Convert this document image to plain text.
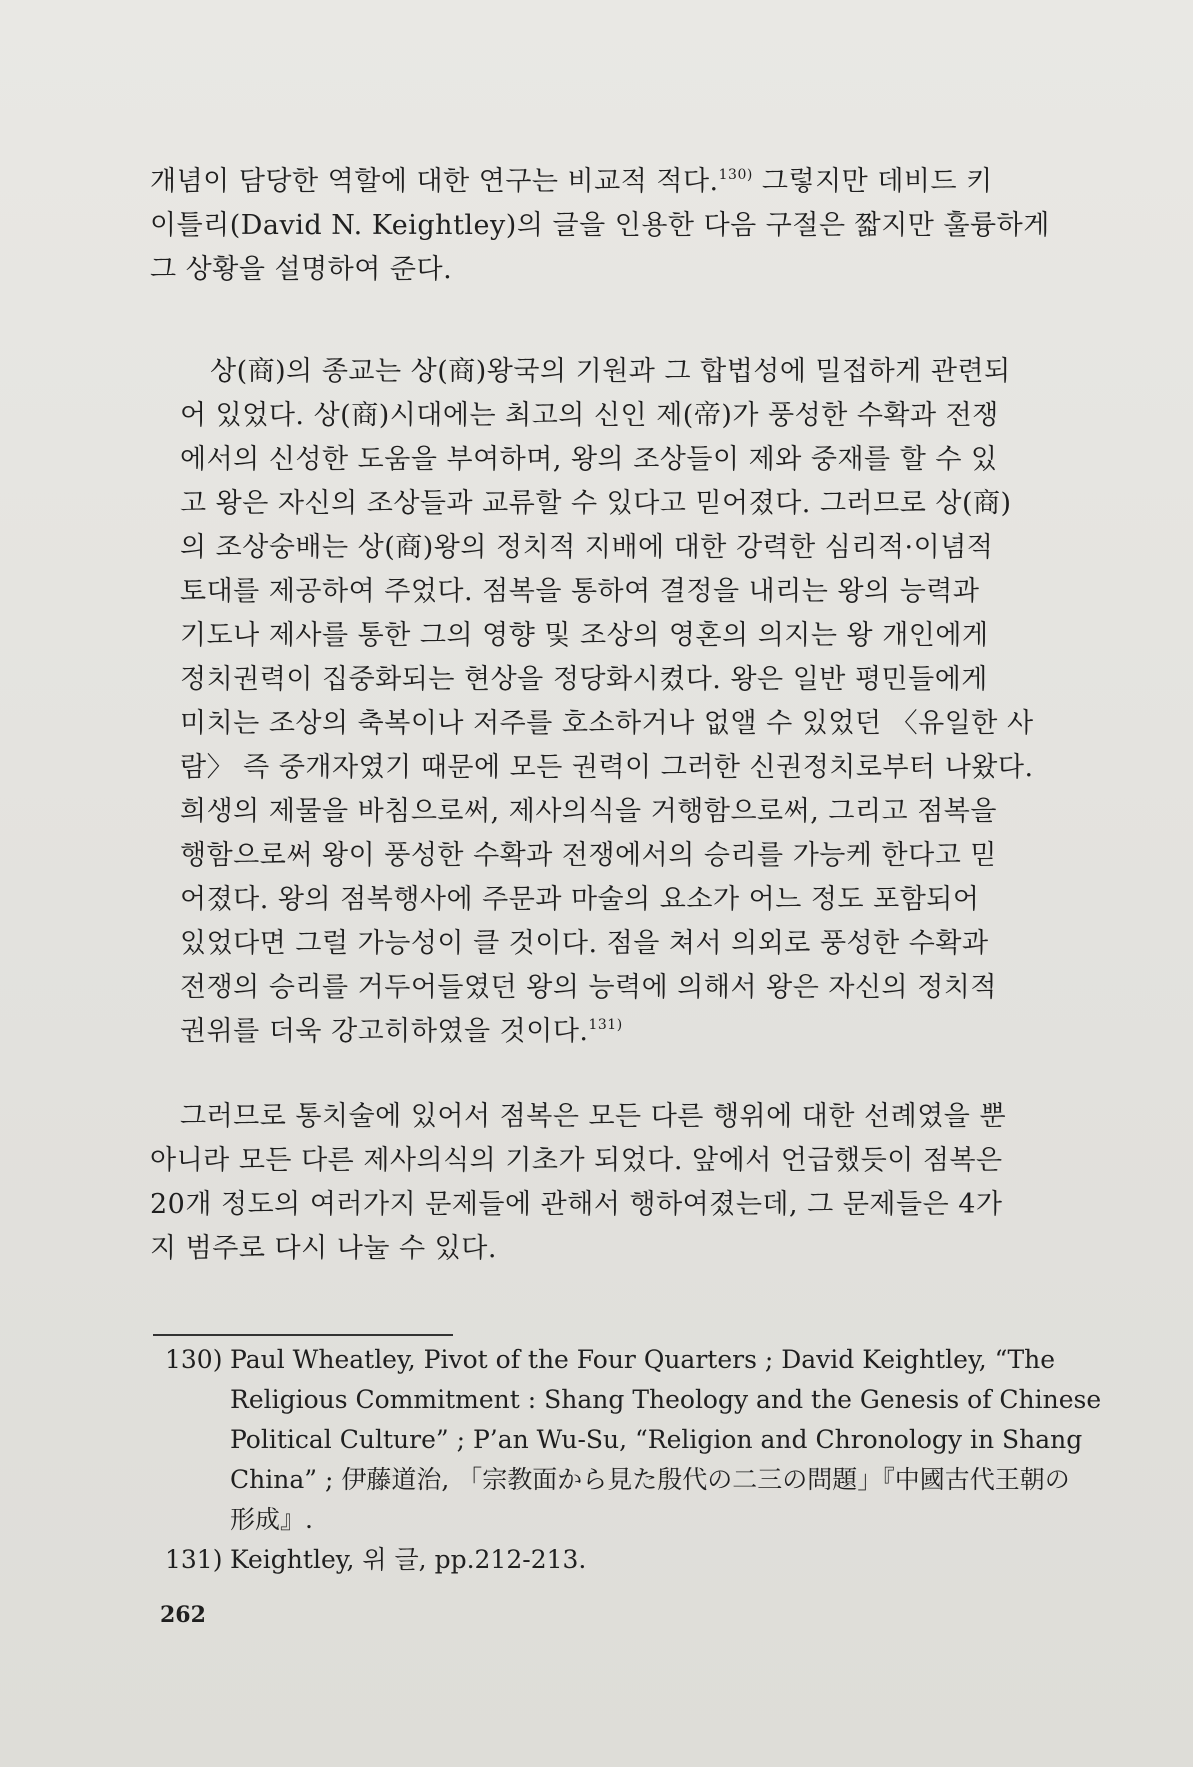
개념이 담당한 역할에 대한 연구는 비교적 적다.$^{130)}$ 그렇지만 데비드 키
이틀리(David N. Keightley)의 글을 인용한 다음 구절은 짧지만 훌륭하게
그 상황을 설명하여 준다.
상(商)의 종교는 상(商)왕국의 기원과 그 합법성에 밀접하게 관련되
어 있었다. 상(商)시대에는 최고의 신인 제(帝)가 풍성한 수확과 전쟁
에서의 신성한 도움을 부여하며, 왕의 조상들이 제와 중재를 할 수 있
고 왕은 자신의 조상들과 교류할 수 있다고 믿어졌다. 그러므로 상(商)
의 조상숭배는 상(商)왕의 정치적 지배에 대한 강력한 심리적·이념적
토대를 제공하여 주었다. 점복을 통하여 결정을 내리는 왕의 능력과
기도나 제사를 통한 그의 영향 및 조상의 영혼의 의지는 왕 개인에게
정치권력이 집중화되는 현상을 정당화시켰다. 왕은 일반 평민들에게
미치는 조상의 축복이나 저주를 호소하거나 없앨 수 있었던 〈유일한 사
람〉 즉 중개자였기 때문에 모든 권력이 그러한 신권정치로부터 나왔다.
희생의 제물을 바침으로써, 제사의식을 거행함으로써, 그리고 점복을
행함으로써 왕이 풍성한 수확과 전쟁에서의 승리를 가능케 한다고 믿
어졌다. 왕의 점복행사에 주문과 마술의 요소가 어느 정도 포함되어
있었다면 그럴 가능성이 클 것이다. 점을 쳐서 의외로 풍성한 수확과
전쟁의 승리를 거두어들였던 왕의 능력에 의해서 왕은 자신의 정치적
권위를 더욱 강고히하였을 것이다.$^{131)}$
그러므로 통치술에 있어서 점복은 모든 다른 행위에 대한 선례였을 뿐
아니라 모든 다른 제사의식의 기초가 되었다. 앞에서 언급했듯이 점복은
20개 정도의 여러가지 문제들에 관해서 행하여졌는데, 그 문제들은 4가
지 범주로 다시 나눌 수 있다.
130) Paul Wheatley, Pivot of the Four Quarters ; David Keightley, “The
Religious Commitment : Shang Theology and the Genesis of Chinese
Political Culture” ; P’an Wu-Su, “Religion and Chronology in Shang
China” ; 伊藤道治, 「宗教面から見た殷代の二三の問題」『中國古代王朝の
形成』.
131) Keightley, 위 글, pp.212-213.
262
